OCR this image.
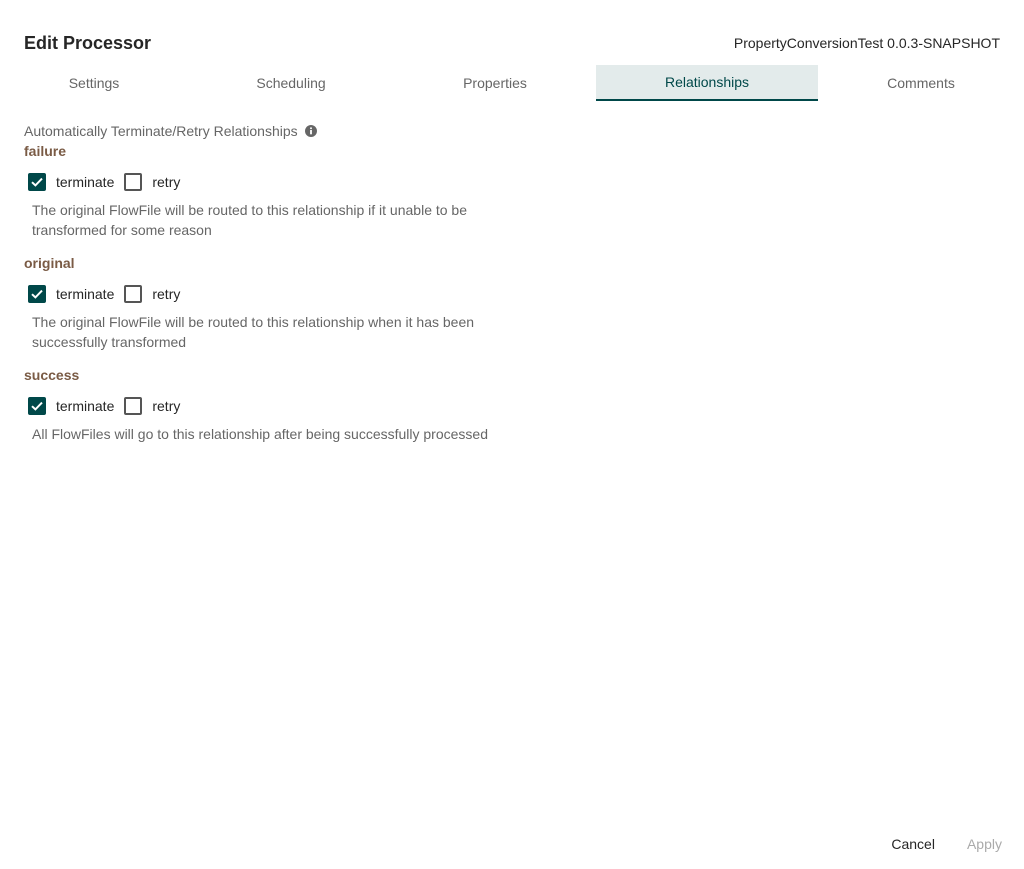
Edit Processor	PropertyConversionTest 0.0.3-SNAPSHOT
Settings	Scheduling	Properties	Relationships	Comments
Automatically Terminate/Retry Relationships
failure
terminate	retry
The original FlowFile will be routed to this relationship if it unable to be transformed for some reason
original
terminate	retry
The original FlowFile will be routed to this relationship when it has been successfully transformed
success
terminate	retry
All FlowFiles will go to this relationship after being successfully processed
Cancel Apply
